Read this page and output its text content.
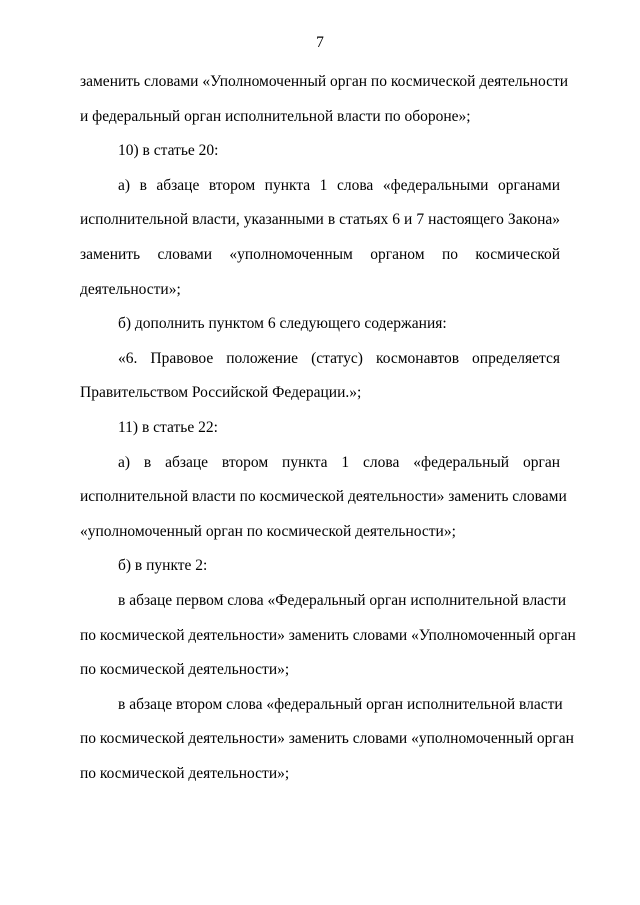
7
заменить словами «Уполномоченный орган по космической деятельности
и федеральный орган исполнительной власти по обороне»;
10) в статье 20:
а) в абзаце втором пункта 1 слова «федеральными органами
исполнительной власти, указанными в статьях 6 и 7 настоящего Закона»
заменить словами «уполномоченным органом по космической
деятельности»;
б) дополнить пунктом 6 следующего содержания:
«6. Правовое положение (статус) космонавтов определяется
Правительством Российской Федерации.»;
11) в статье 22:
а) в абзаце втором пункта 1 слова «федеральный орган
исполнительной власти по космической деятельности» заменить словами
«уполномоченный орган по космической деятельности»;
б) в пункте 2:
в абзаце первом слова «Федеральный орган исполнительной власти
по космической деятельности» заменить словами «Уполномоченный орган
по космической деятельности»;
в абзаце втором слова «федеральный орган исполнительной власти
по космической деятельности» заменить словами «уполномоченный орган
по космической деятельности»;
